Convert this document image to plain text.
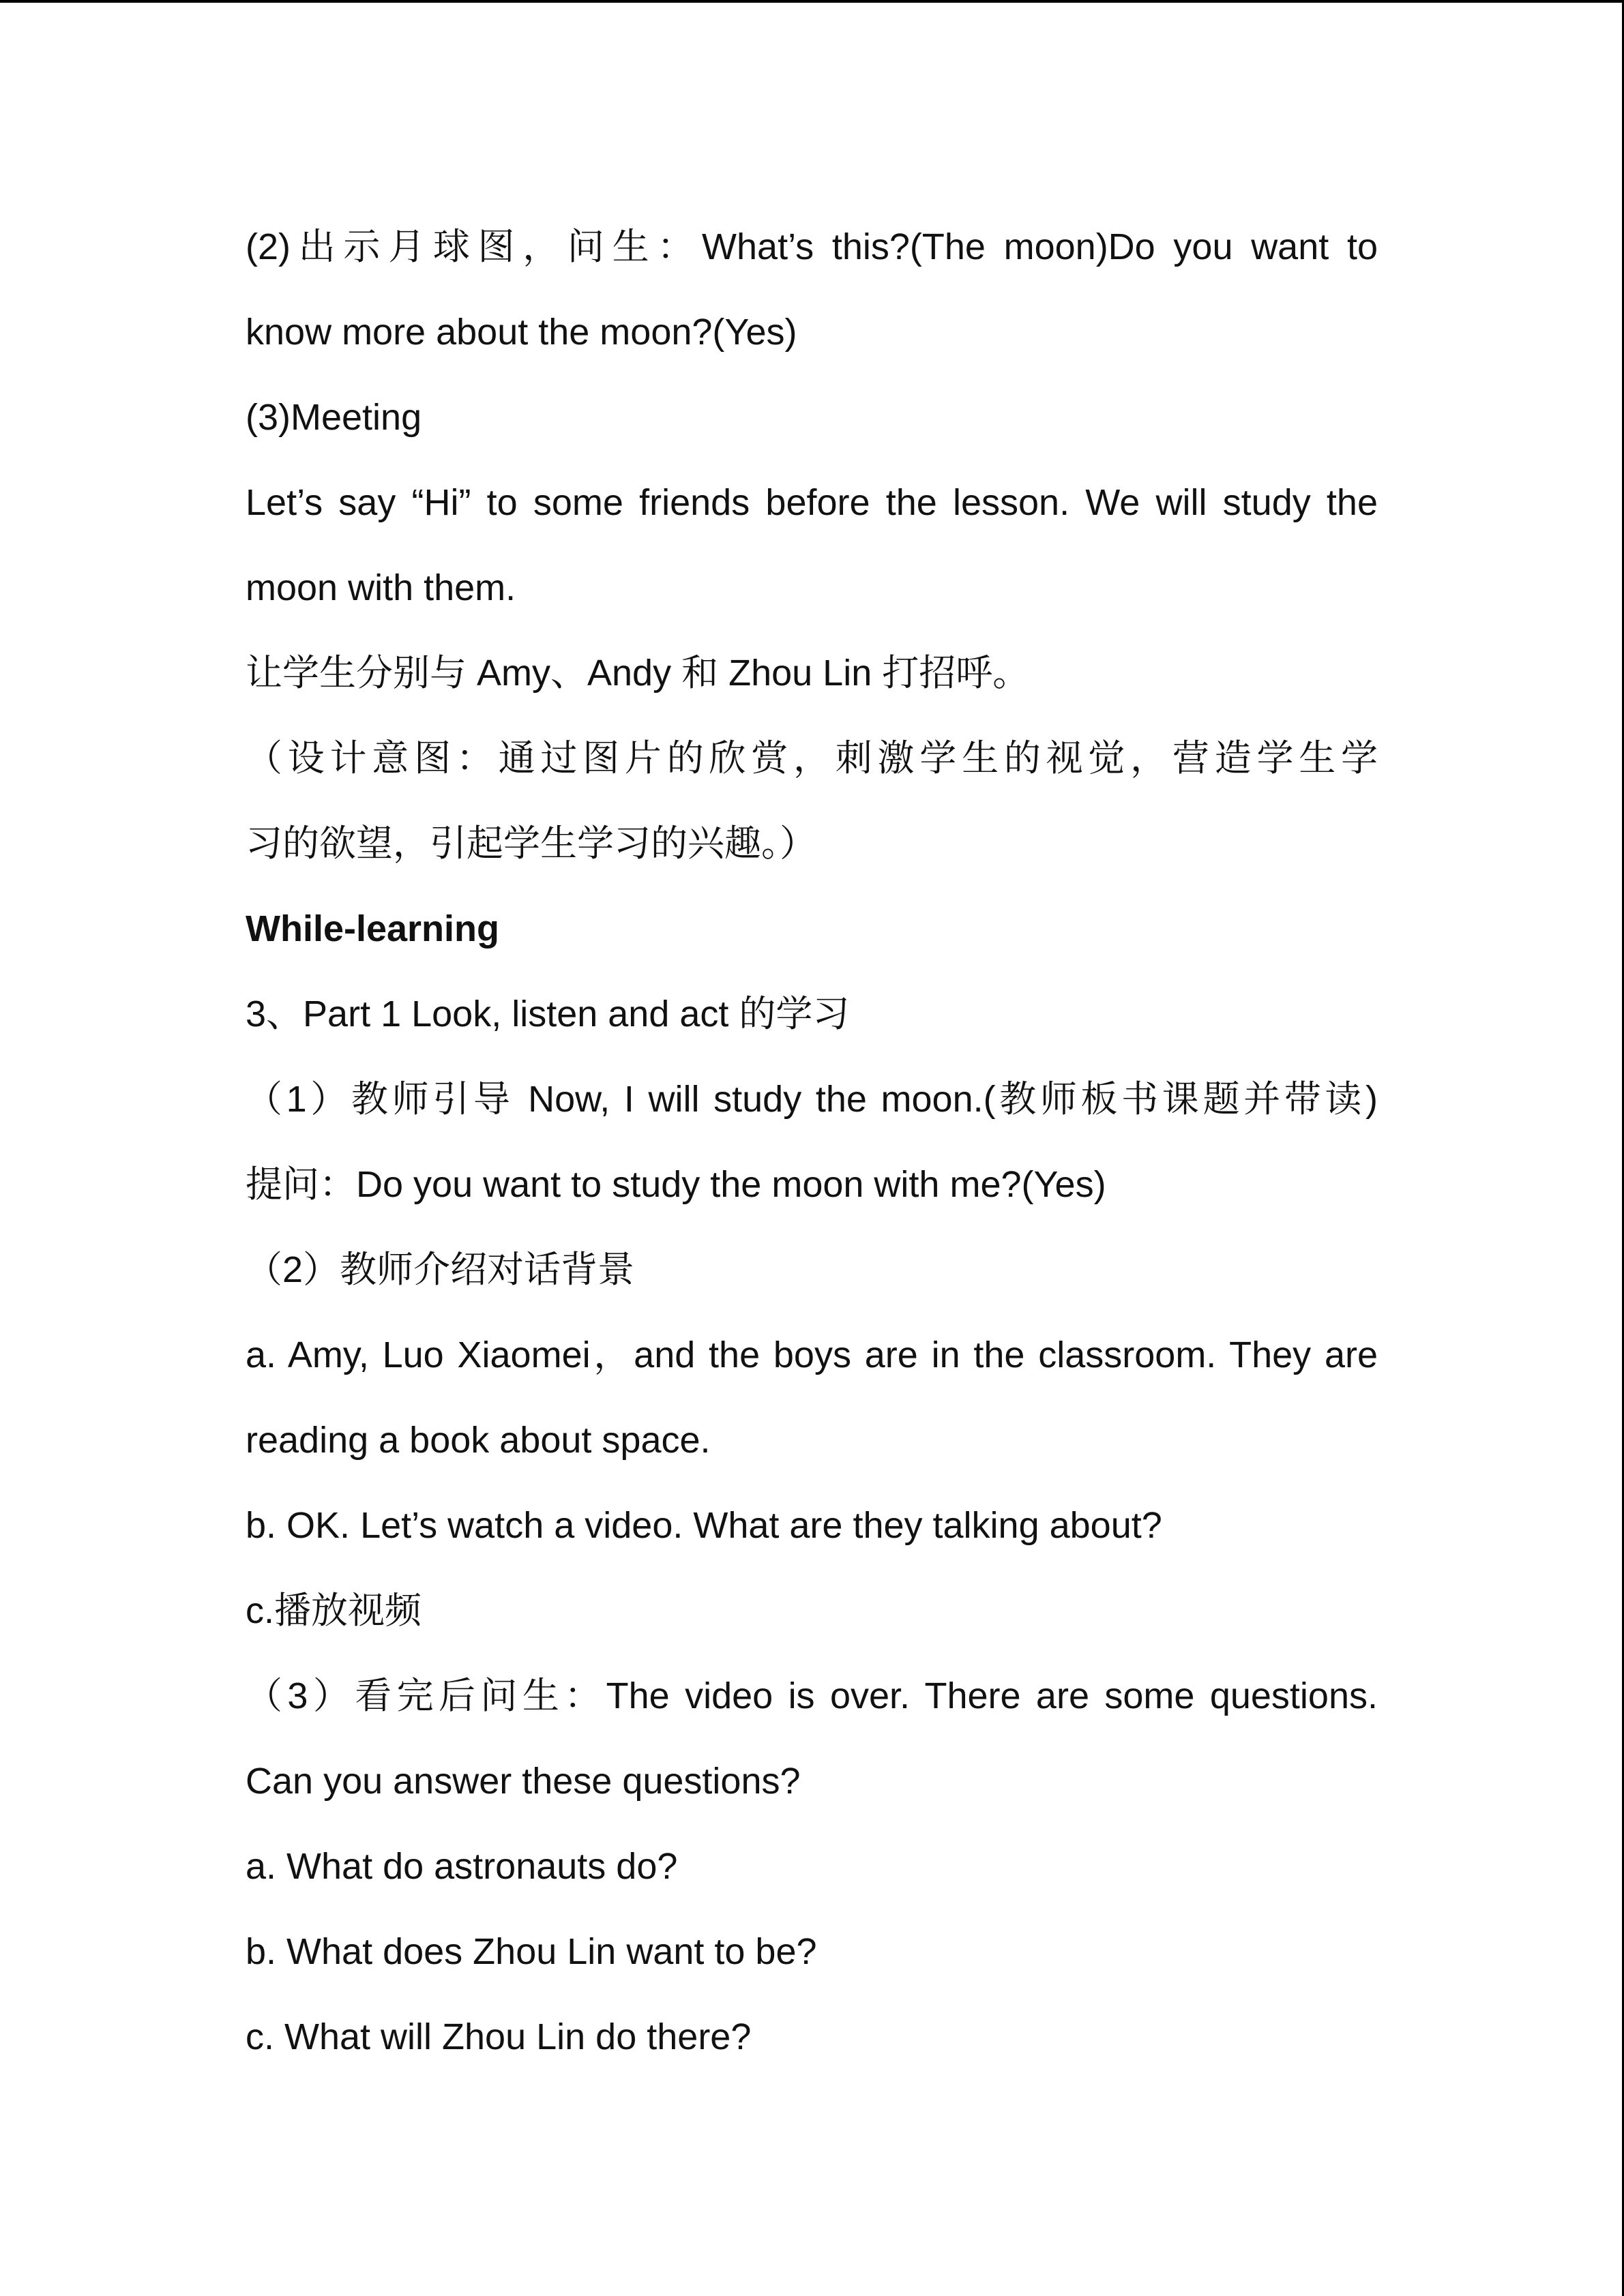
(2)出示月球图，问生：What’s this?(The moon)Do you want to
know more about the moon?(Yes)
(3)Meeting
Let’s say “Hi” to some friends before the lesson. We will study the
moon with them.
让学生分别与 Amy、Andy 和 Zhou Lin 打招呼。
（设计意图：通过图片的欣赏，刺激学生的视觉，营造学生学
习的欲望，引起学生学习的兴趣。）
While-learning
3、Part 1 Look, listen and act 的学习
（1）教师引导 Now, I will study the moon.(教师板书课题并带读)
提问：Do you want to study the moon with me?(Yes)
（2）教师介绍对话背景
a. Amy, Luo Xiaomei，and the boys are in the classroom. They are
reading a book about space.
b. OK. Let’s watch a video. What are they talking about?
c.播放视频
（3）看完后问生：The video is over. There are some questions.
Can you answer these questions?
a. What do astronauts do?
b. What does Zhou Lin want to be?
c. What will Zhou Lin do there?
